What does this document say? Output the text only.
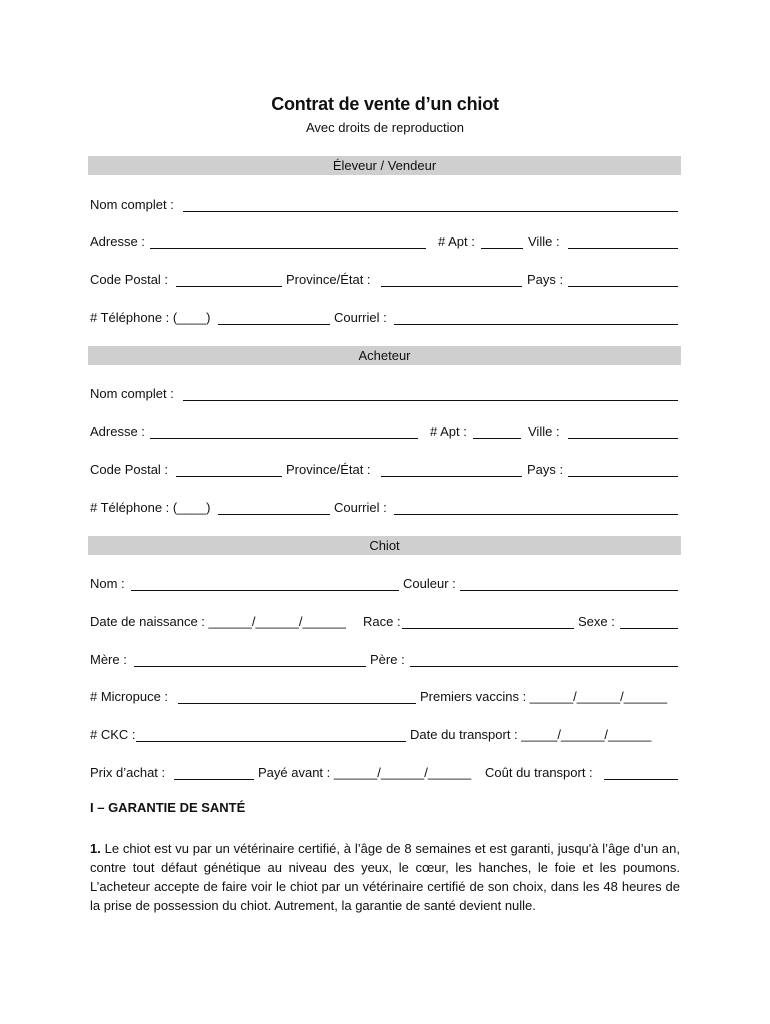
Contrat de vente d’un chiot
Avec droits de reproduction
Éleveur / Vendeur
Nom complet :
Adresse :	# Apt :	Ville :
Code Postal :	Province/État :	Pays :
# Téléphone : (____)	Courriel :
Acheteur
Nom complet :
Adresse :	# Apt :	Ville :
Code Postal :	Province/État :	Pays :
# Téléphone : (____)	Courriel :
Chiot
Nom :	Couleur :
Date de naissance : ______/______/______ Race :	Sexe :
Mère :	Père :
# Micropuce :	Premiers vaccins : ______/______/______
# CKC :	Date du transport : _____/______/______
Prix d’achat :	Payé avant : ______/______/______ Coût du transport :
I – GARANTIE DE SANTÉ
1. Le chiot est vu par un vétérinaire certifié, à l’âge de 8 semaines et est garanti, jusqu'à l’âge d’un an, contre tout défaut génétique au niveau des yeux, le cœur, les hanches, le foie et les poumons. L’acheteur accepte de faire voir le chiot par un vétérinaire certifié de son choix, dans les 48 heures de la prise de possession du chiot. Autrement, la garantie de santé devient nulle.
